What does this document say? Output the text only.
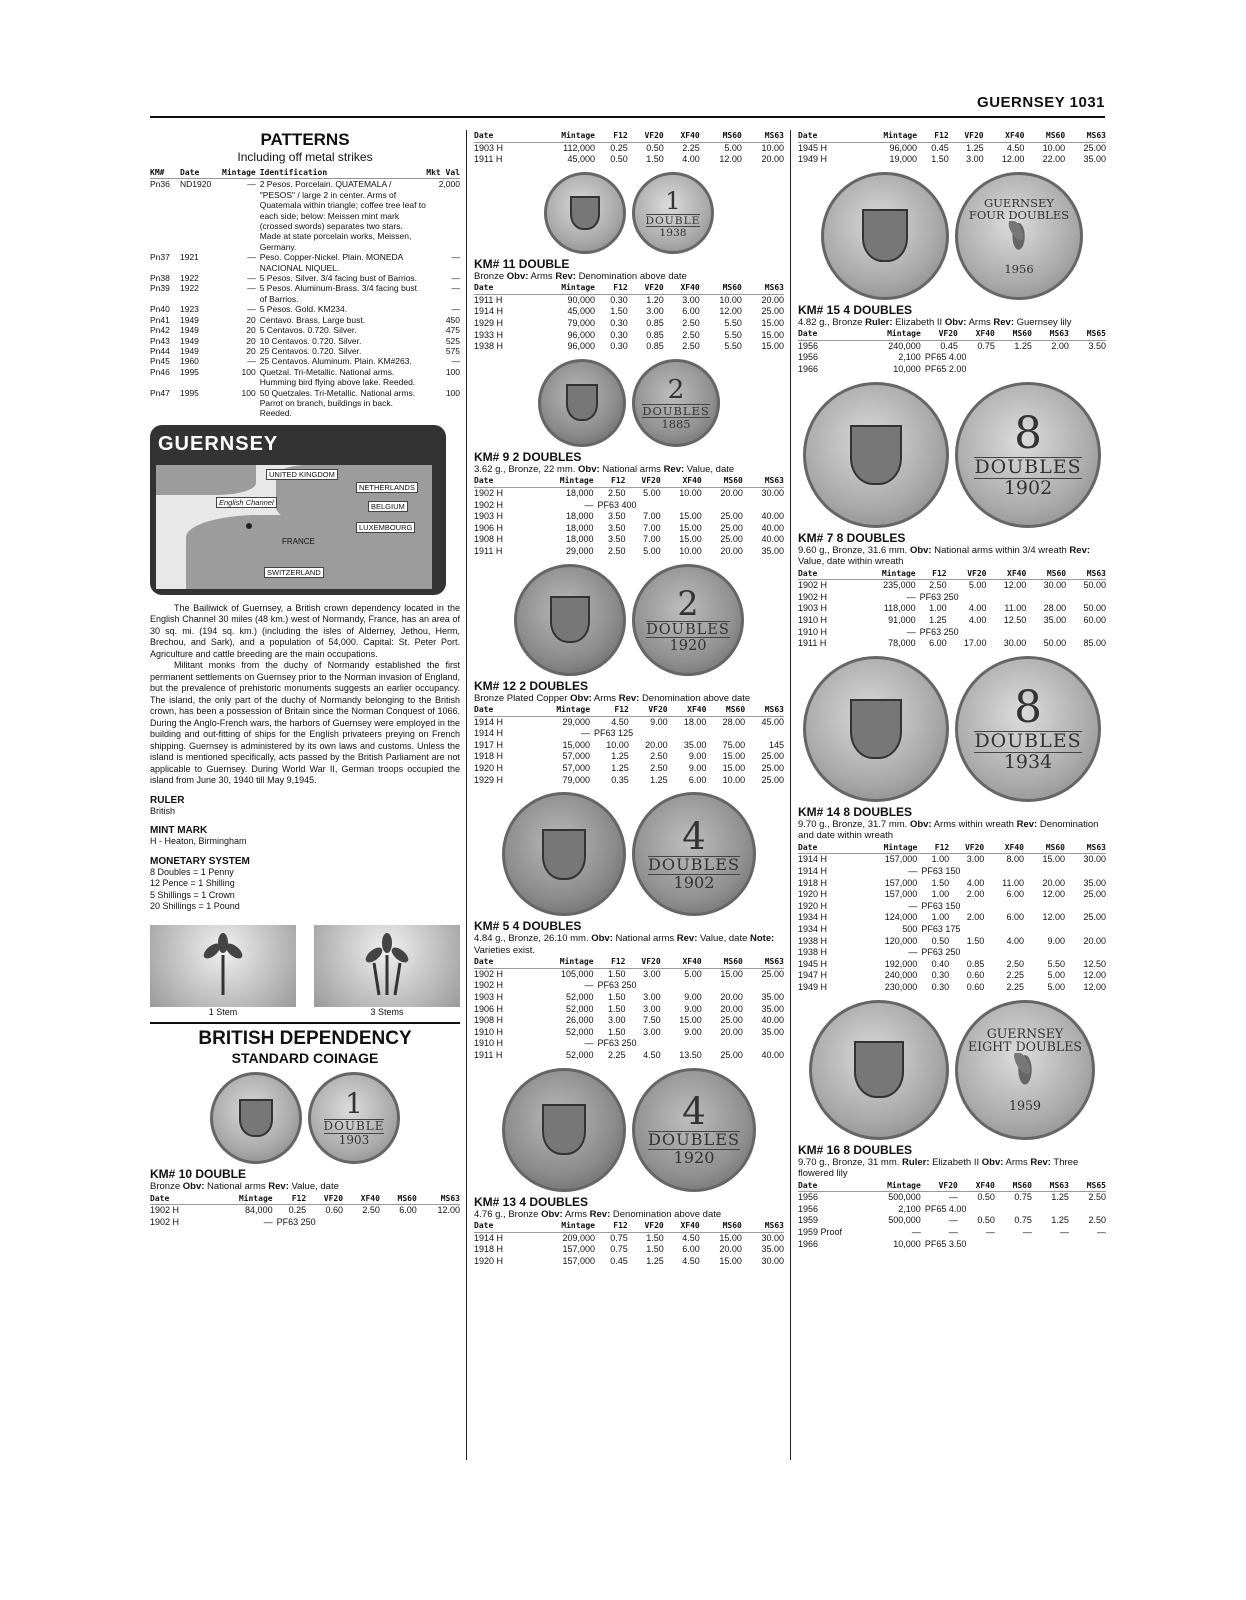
GUERNSEY 1031
PATTERNS
Including off metal strikes
KM#	Date	Mintage	Identification	Mkt Val
Pn36	ND1920	—	2 Pesos. Porcelain. QUATEMALA / "PESOS" / large 2 in center. Arms of Quatemala within triangle; coffee tree leaf to each side; below: Meissen mint mark (crossed swords) separates two stars. Made at state porcelain works, Meissen, Germany.	2,000
Pn37	1921	—	Peso. Copper-Nickel. Plain. MONEDA NACIONAL NIQUEL.	—
Pn38	1922	—	5 Pesos. Silver. 3/4 facing bust of Barrios.	—
Pn39	1922	—	5 Pesos. Aluminum-Brass. 3/4 facing bust of Barrios.	—
Pn40	1923	—	5 Pesos. Gold. KM234.	—
Pn41	1949	20	Centavo. Brass. Large bust.	450
Pn42	1949	20	5 Centavos. 0.720. Silver.	475
Pn43	1949	20	10 Centavos. 0.720. Silver.	525
Pn44	1949	20	25 Centavos. 0.720. Silver.	575
Pn45	1960	—	25 Centavos. Aluminum. Plain. KM#263.	—
Pn46	1995	100	Quetzal. Tri-Metallic. National arms. Humming bird flying above lake. Reeded.	100
Pn47	1995	100	50 Quetzales. Tri-Metallic. National arms. Parrot on branch, buildings in back. Reeded.	100
GUERNSEY
UNITED KINGDOM
English Channel
NETHERLANDS
BELGIUM
LUXEMBOURG
FRANCE
SWITZERLAND
The Bailiwick of Guernsey, a British crown dependency located in the English Channel 30 miles (48 km.) west of Normandy, France, has an area of 30 sq. mi. (194 sq. km.) (including the isles of Alderney, Jethou, Herm, Brechou, and Sark), and a population of 54,000. Capital: St. Peter Port. Agriculture and cattle breeding are the main occupations.
Militant monks from the duchy of Normandy established the first permanent settlements on Guernsey prior to the Norman invasion of England, but the prevalence of prehistoric monuments suggests an earlier occupancy. The island, the only part of the duchy of Normandy belonging to the British crown, has been a possession of Britain since the Norman Conquest of 1066. During the Anglo-French wars, the harbors of Guernsey were employed in the building and out-fitting of ships for the English privateers preying on French shipping. Guernsey is administered by its own laws and customs. Unless the island is mentioned specifically, acts passed by the British Parliament are not applicable to Guernsey. During World War II, German troops occupied the island from June 30, 1940 till May 9,1945.
RULER
British
MINT MARK
H - Heaton, Birmingham
MONETARY SYSTEM
8 Doubles = 1 Penny
12 Pence = 1 Shilling
5 Shillings = 1 Crown
20 Shillings = 1 Pound
1 Stem	3 Stems
BRITISH DEPENDENCY
STANDARD COINAGE
1
DOUBLE
1903
KM# 10 DOUBLE
Bronze Obv: National arms Rev: Value, date
Date	Mintage	F12	VF20	XF40	MS60	MS63
1902 H	84,000	0.25	0.60	2.50	6.00	12.00
1902 H	—	PF63 250				
Date	Mintage	F12	VF20	XF40	MS60	MS63
1903 H	112,000	0.25	0.50	2.25	5.00	10.00
1911 H	45,000	0.50	1.50	4.00	12.00	20.00
1
DOUBLE
1938
KM# 11 DOUBLE
Bronze Obv: Arms Rev: Denomination above date
Date	Mintage	F12	VF20	XF40	MS60	MS63
1911 H	90,000	0.30	1.20	3.00	10.00	20.00
1914 H	45,000	1.50	3.00	6.00	12.00	25.00
1929 H	79,000	0.30	0.85	2.50	5.50	15.00
1933 H	96,000	0.30	0.85	2.50	5.50	15.00
1938 H	96,000	0.30	0.85	2.50	5.50	15.00
2
DOUBLES
1885
KM# 9 2 DOUBLES
3.62 g., Bronze, 22 mm. Obv: National arms Rev: Value, date
Date	Mintage	F12	VF20	XF40	MS60	MS63
1902 H	18,000	2.50	5.00	10.00	20.00	30.00
1902 H	—	PF63 400				
1903 H	18,000	3.50	7.00	15.00	25.00	40.00
1906 H	18,000	3.50	7.00	15.00	25.00	40.00
1908 H	18,000	3.50	7.00	15.00	25.00	40.00
1911 H	29,000	2.50	5.00	10.00	20.00	35.00
2
DOUBLES
1920
KM# 12 2 DOUBLES
Bronze Plated Copper Obv: Arms Rev: Denomination above date
Date	Mintage	F12	VF20	XF40	MS60	MS63
1914 H	29,000	4.50	9.00	18.00	28.00	45.00
1914 H	—	PF63 125				
1917 H	15,000	10.00	20.00	35.00	75.00	145
1918 H	57,000	1.25	2.50	9.00	15.00	25.00
1920 H	57,000	1.25	2.50	9.00	15.00	25.00
1929 H	79,000	0.35	1.25	6.00	10.00	25.00
4
DOUBLES
1902
KM# 5 4 DOUBLES
4.84 g., Bronze, 26.10 mm. Obv: National arms Rev: Value, date Note: Varieties exist.
Date	Mintage	F12	VF20	XF40	MS60	MS63
1902 H	105,000	1.50	3.00	5.00	15.00	25.00
1902 H	—	PF63 250				
1903 H	52,000	1.50	3.00	9.00	20.00	35.00
1906 H	52,000	1.50	3.00	9.00	20.00	35.00
1908 H	26,000	3.00	7.50	15.00	25.00	40.00
1910 H	52,000	1.50	3.00	9.00	20.00	35.00
1910 H	—	PF63 250				
1911 H	52,000	2.25	4.50	13.50	25.00	40.00
4
DOUBLES
1920
KM# 13 4 DOUBLES
4.76 g., Bronze Obv: Arms Rev: Denomination above date
Date	Mintage	F12	VF20	XF40	MS60	MS63
1914 H	209,000	0.75	1.50	4.50	15.00	30.00
1918 H	157,000	0.75	1.50	6.00	20.00	35.00
1920 H	157,000	0.45	1.25	4.50	15.00	30.00
Date	Mintage	F12	VF20	XF40	MS60	MS63
1945 H	96,000	0.45	1.25	4.50	10.00	25.00
1949 H	19,000	1.50	3.00	12.00	22.00	35.00
GUERNSEY FOUR DOUBLES
1956
KM# 15 4 DOUBLES
4.82 g., Bronze Ruler: Elizabeth II Obv: Arms Rev: Guernsey lily
Date	Mintage	VF20	XF40	MS60	MS63	MS65
1956	240,000	0.45	0.75	1.25	2.00	3.50
1956	2,100	PF65 4.00				
1966	10,000	PF65 2.00				
8
DOUBLES
1902
KM# 7 8 DOUBLES
9.60 g., Bronze, 31.6 mm. Obv: National arms within 3/4 wreath Rev: Value, date within wreath
Date	Mintage	F12	VF20	XF40	MS60	MS63
1902 H	235,000	2.50	5.00	12.00	30.00	50.00
1902 H	—	PF63 250				
1903 H	118,000	1.00	4.00	11.00	28.00	50.00
1910 H	91,000	1.25	4.00	12.50	35.00	60.00
1910 H	—	PF63 250				
1911 H	78,000	6.00	17.00	30.00	50.00	85.00
8
DOUBLES
1934
KM# 14 8 DOUBLES
9.70 g., Bronze, 31.7 mm. Obv: Arms within wreath Rev: Denomination and date within wreath
Date	Mintage	F12	VF20	XF40	MS60	MS63
1914 H	157,000	1.00	3.00	8.00	15.00	30.00
1914 H	—	PF63 150				
1918 H	157,000	1.50	4.00	11.00	20.00	35.00
1920 H	157,000	1.00	2.00	6.00	12.00	25.00
1920 H	—	PF63 150				
1934 H	124,000	1.00	2.00	6.00	12.00	25.00
1934 H	500	PF63 175				
1938 H	120,000	0.50	1.50	4.00	9.00	20.00
1938 H	—	PF63 250				
1945 H	192,000	0.40	0.85	2.50	5.50	12.50
1947 H	240,000	0.30	0.60	2.25	5.00	12.00
1949 H	230,000	0.30	0.60	2.25	5.00	12.00
GUERNSEY EIGHT DOUBLES
1959
KM# 16 8 DOUBLES
9.70 g., Bronze, 31 mm. Ruler: Elizabeth II Obv: Arms Rev: Three flowered lily
Date	Mintage	VF20	XF40	MS60	MS63	MS65
1956	500,000	—	0.50	0.75	1.25	2.50
1956	2,100	PF65 4.00				
1959	500,000	—	0.50	0.75	1.25	2.50
1959 Proof	—	—	—	—	—	—
1966	10,000	PF65 3.50				
